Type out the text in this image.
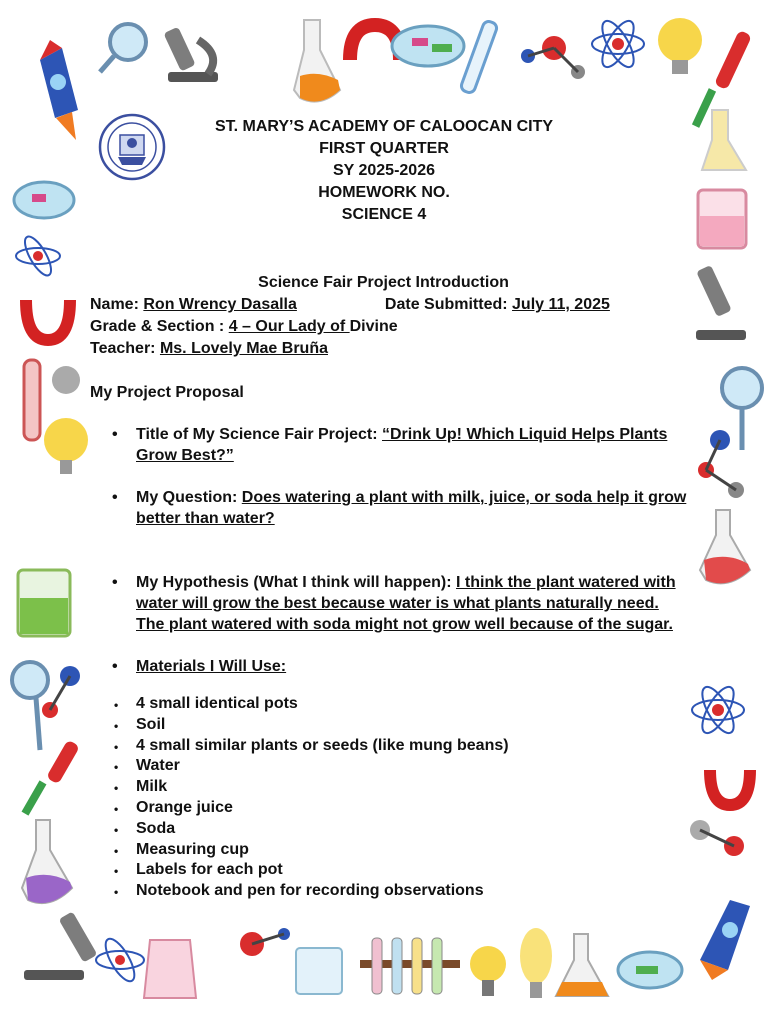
ST. MARY’S ACADEMY OF CALOOCAN CITY
FIRST QUARTER
SY 2025-2026
HOMEWORK NO.
SCIENCE 4
Science Fair Project Introduction
Name: Ron Wrency Dasalla	Date Submitted: July 11, 2025
Grade & Section : 4 – Our Lady of Divine
Teacher: Ms. Lovely Mae Bruña
My Project Proposal
• Title of My Science Fair Project: “Drink Up! Which Liquid Helps Plants Grow Best?”
• My Question: Does watering a plant with milk, juice, or soda help it grow better than water?
• My Hypothesis (What I think will happen): I think the plant watered with water will grow the best because water is what plants naturally need. The plant watered with soda might not grow well because of the sugar.
• Materials I Will Use:
• 4 small identical pots
• Soil
• 4 small similar plants or seeds (like mung beans)
• Water
• Milk
• Orange juice
• Soda
• Measuring cup
• Labels for each pot
• Notebook and pen for recording observations
